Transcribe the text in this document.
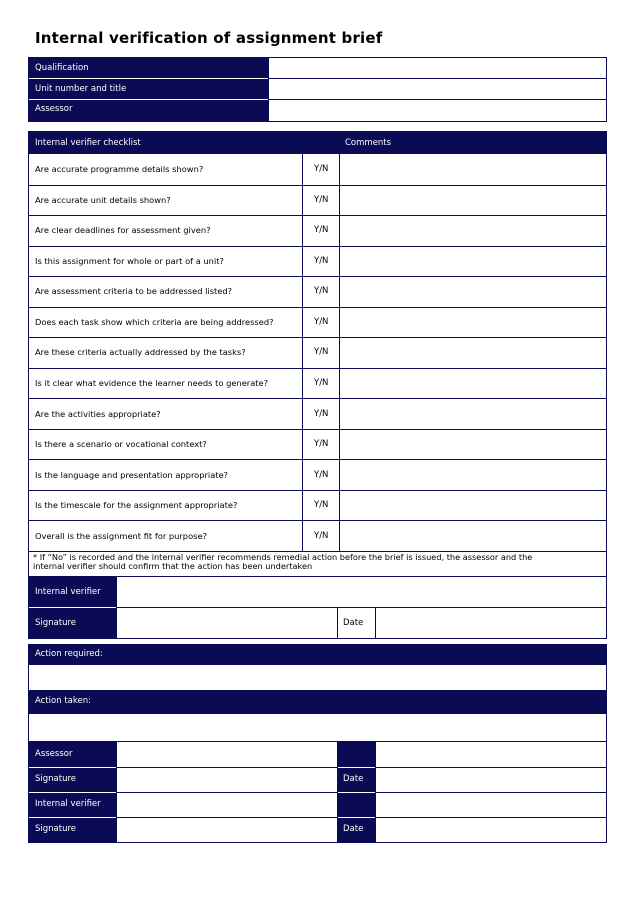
Internal verification of assignment brief
Qualification
Unit number and title
Assessor
Internal verifier checklist	Comments
Are accurate programme details shown?	Y/N
Are accurate unit details shown?	Y/N
Are clear deadlines for assessment given?	Y/N
Is this assignment for whole or part of a unit?	Y/N
Are assessment criteria to be addressed listed?	Y/N
Does each task show which criteria are being addressed?	Y/N
Are these criteria actually addressed by the tasks?	Y/N
Is it clear what evidence the learner needs to generate?	Y/N
Are the activities appropriate?	Y/N
Is there a scenario or vocational context?	Y/N
Is the language and presentation appropriate?	Y/N
Is the timescale for the assignment appropriate?	Y/N
Overall is the assignment fit for purpose?	Y/N
* If “No” is recorded and the internal verifier recommends remedial action before the brief is issued, the assessor and the
internal verifier should confirm that the action has been undertaken
Internal verifier
Signature	Date
Action required:
Action taken:
Assessor
Signature	Date
Internal verifier
Signature	Date
